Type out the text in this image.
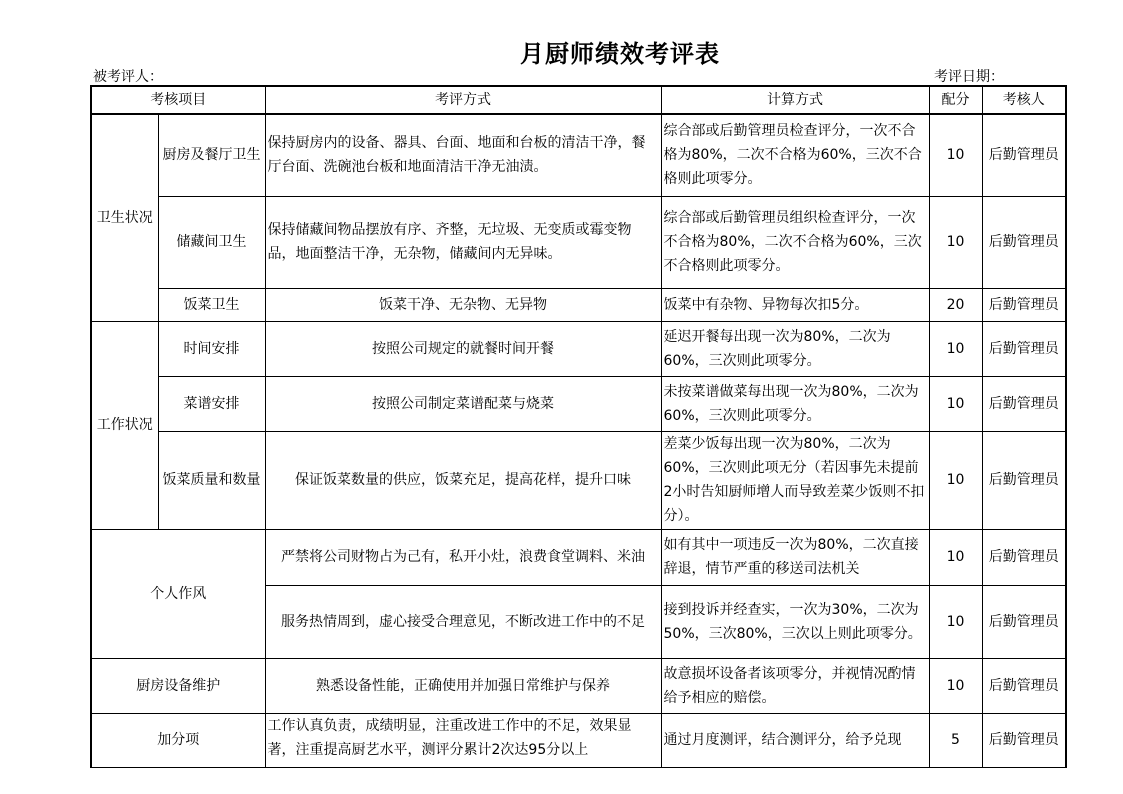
月厨师绩效考评表
被考评人：	考评日期：
考核项目		考评方式	计算方式	配分	考核人
卫生状况	厨房及餐厅卫生	保持厨房内的设备、器具、台面、地面和台板的清洁干净，餐厅台面、洗碗池台板和地面清洁干净无油渍。	综合部或后勤管理员检查评分，一次不合格为80%，二次不合格为60%，三次不合格则此项零分。	10	后勤管理员
	储藏间卫生	保持储藏间物品摆放有序、齐整，无垃圾、无变质或霉变物品，地面整洁干净，无杂物，储藏间内无异味。	综合部或后勤管理员组织检查评分，一次不合格为80%，二次不合格为60%，三次不合格则此项零分。	10	后勤管理员
	饭菜卫生	饭菜干净、无杂物、无异物	饭菜中有杂物、异物每次扣5分。	20	后勤管理员
工作状况	时间安排	按照公司规定的就餐时间开餐	延迟开餐每出现一次为80%，二次为60%，三次则此项零分。	10	后勤管理员
	菜谱安排	按照公司制定菜谱配菜与烧菜	未按菜谱做菜每出现一次为80%，二次为60%，三次则此项零分。	10	后勤管理员
	饭菜质量和数量	保证饭菜数量的供应，饭菜充足，提高花样，提升口味	差菜少饭每出现一次为80%，二次为60%，三次则此项无分（若因事先未提前2小时告知厨师增人而导致差菜少饭则不扣分）。	10	后勤管理员
个人作风		严禁将公司财物占为己有，私开小灶，浪费食堂调料、米油	如有其中一项违反一次为80%，二次直接辞退，情节严重的移送司法机关	10	后勤管理员
		服务热情周到，虚心接受合理意见，不断改进工作中的不足	接到投诉并经查实，一次为30%，二次为50%，三次80%，三次以上则此项零分。	10	后勤管理员
厨房设备维护		熟悉设备性能，正确使用并加强日常维护与保养	故意损坏设备者该项零分，并视情况酌情给予相应的赔偿。	10	后勤管理员
加分项		工作认真负责，成绩明显，注重改进工作中的不足，效果显著，注重提高厨艺水平，测评分累计2次达95分以上	通过月度测评，结合测评分，给予兑现	5	后勤管理员
